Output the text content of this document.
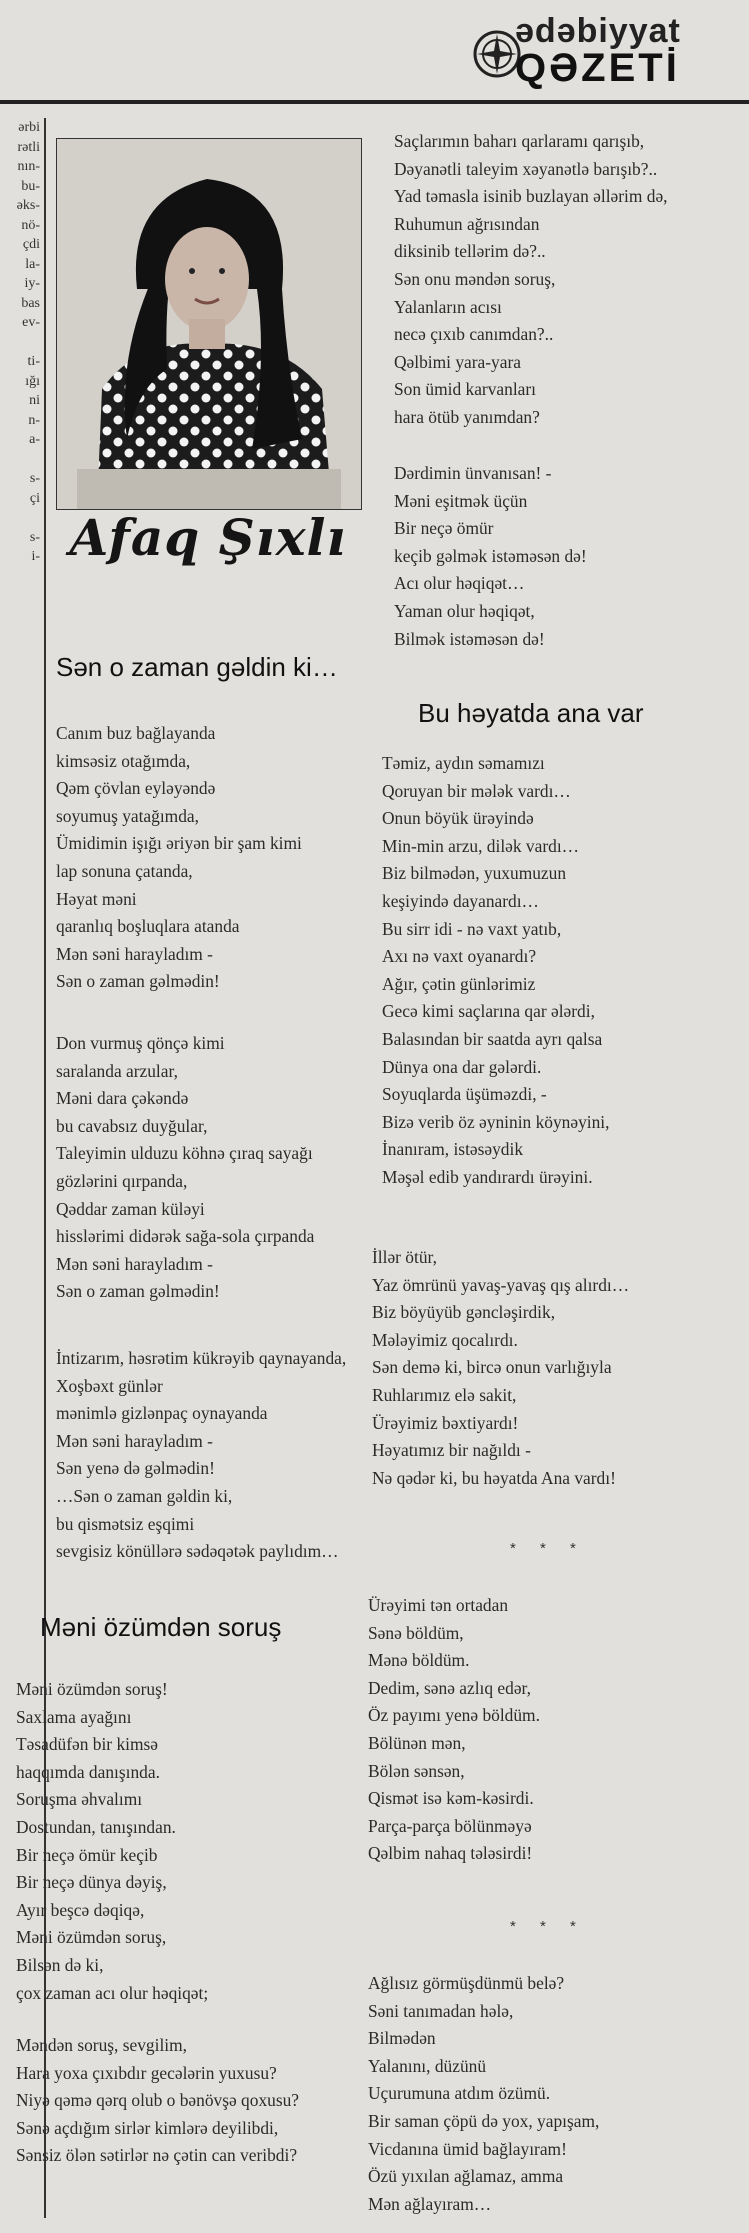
ədəbiyyat
QƏZETİ
ərbi
rətli
nın-
bu-
əks-
nö-
çdi
la-
iy-
bas
ev-

ti-
ığı
ni
n-
a-

s-
çi

s-
i- Afaq Şıxlı
Sən o zaman gəldin ki…
Məni özümdən soruş
Bu həyatda ana var
Canım buz bağlayanda
kimsəsiz otağımda,
Qəm çövlan eyləyəndə
soyumuş yatağımda,
Ümidimin işığı əriyən bir şam kimi
lap sonuna çatanda,
Həyat məni
qaranlıq boşluqlara atanda
Mən səni harayladım -
Sən o zaman gəlmədin!
Don vurmuş qönçə kimi
saralanda arzular,
Məni dara çəkəndə
bu cavabsız duyğular,
Taleyimin ulduzu köhnə çıraq sayağı
gözlərini qırpanda,
Qəddar zaman küləyi
hisslərimi didərək sağa-sola çırpanda
Mən səni harayladım -
Sən o zaman gəlmədin!
İntizarım, həsrətim kükrəyib qaynayanda,
Xoşbəxt günlər
mənimlə gizlənpaç oynayanda
Mən səni harayladım -
Sən yenə də gəlmədin!
…Sən o zaman gəldin ki,
bu qismətsiz eşqimi
sevgisiz könüllərə sədəqətək paylıdım…
Məni özümdən soruş!
Saxlama ayağını
Təsadüfən bir kimsə
haqqımda danışında.
Soruşma əhvalımı
Dostundan, tanışından.
Bir neçə ömür keçib
Bir neçə dünya dəyiş,
Ayır beşcə dəqiqə,
Məni özümdən soruş,
Bilsən də ki,
çox zaman acı olur həqiqət;
Məndən soruş, sevgilim,
Hara yoxa çıxıbdır gecələrin yuxusu?
Niyə qəmə qərq olub o bənövşə qoxusu?
Sənə açdığım sirlər kimlərə deyilibdi,
Sənsiz ölən sətirlər nə çətin can veribdi?
Saçlarımın baharı qarlaramı qarışıb,
Dəyanətli taleyim xəyanətlə barışıb?..
Yad təmasla isinib buzlayan əllərim də,
Ruhumun ağrısından
diksinib tellərim də?..
Sən onu məndən soruş,
Yalanların acısı
necə çıxıb canımdan?..
Qəlbimi yara-yara
Son ümid karvanları
hara ötüb yanımdan?
Dərdimin ünvanısan! -
Məni eşitmək üçün
Bir neçə ömür
keçib gəlmək istəməsən də!
Acı olur həqiqət…
Yaman olur həqiqət,
Bilmək istəməsən də!
Təmiz, aydın səmamızı
Qoruyan bir mələk vardı…
Onun böyük ürəyində
Min-min arzu, dilək vardı…
Biz bilmədən, yuxumuzun
keşiyində dayanardı…
Bu sirr idi - nə vaxt yatıb,
Axı nə vaxt oyanardı?
Ağır, çətin günlərimiz
Gecə kimi saçlarına qar ələrdi,
Balasından bir saatda ayrı qalsa
Dünya ona dar gələrdi.
Soyuqlarda üşüməzdi, -
Bizə verib öz əyninin köynəyini,
İnanıram, istəsəydik
Məşəl edib yandırardı ürəyini.
İllər ötür,
Yaz ömrünü yavaş-yavaş qış alırdı…
Biz böyüyüb gəncləşirdik,
Mələyimiz qocalırdı.
Sən demə ki, bircə onun varlığıyla
Ruhlarımız elə sakit,
Ürəyimiz bəxtiyardı!
Həyatımız bir nağıldı -
Nə qədər ki, bu həyatda Ana vardı!
* * *
Ürəyimi tən ortadan
Sənə böldüm,
Mənə böldüm.
Dedim, sənə azlıq edər,
Öz payımı yenə böldüm.
Bölünən mən,
Bölən sənsən,
Qismət isə kəm-kəsirdi.
Parça-parça bölünməyə
Qəlbim nahaq tələsirdi!
* * *
Ağlısız görmüşdünmü belə?
Səni tanımadan hələ,
Bilmədən
Yalanını, düzünü
Uçurumuna atdım özümü.
Bir saman çöpü də yox, yapışam,
Vicdanına ümid bağlayıram!
Özü yıxılan ağlamaz, amma
Mən ağlayıram…
